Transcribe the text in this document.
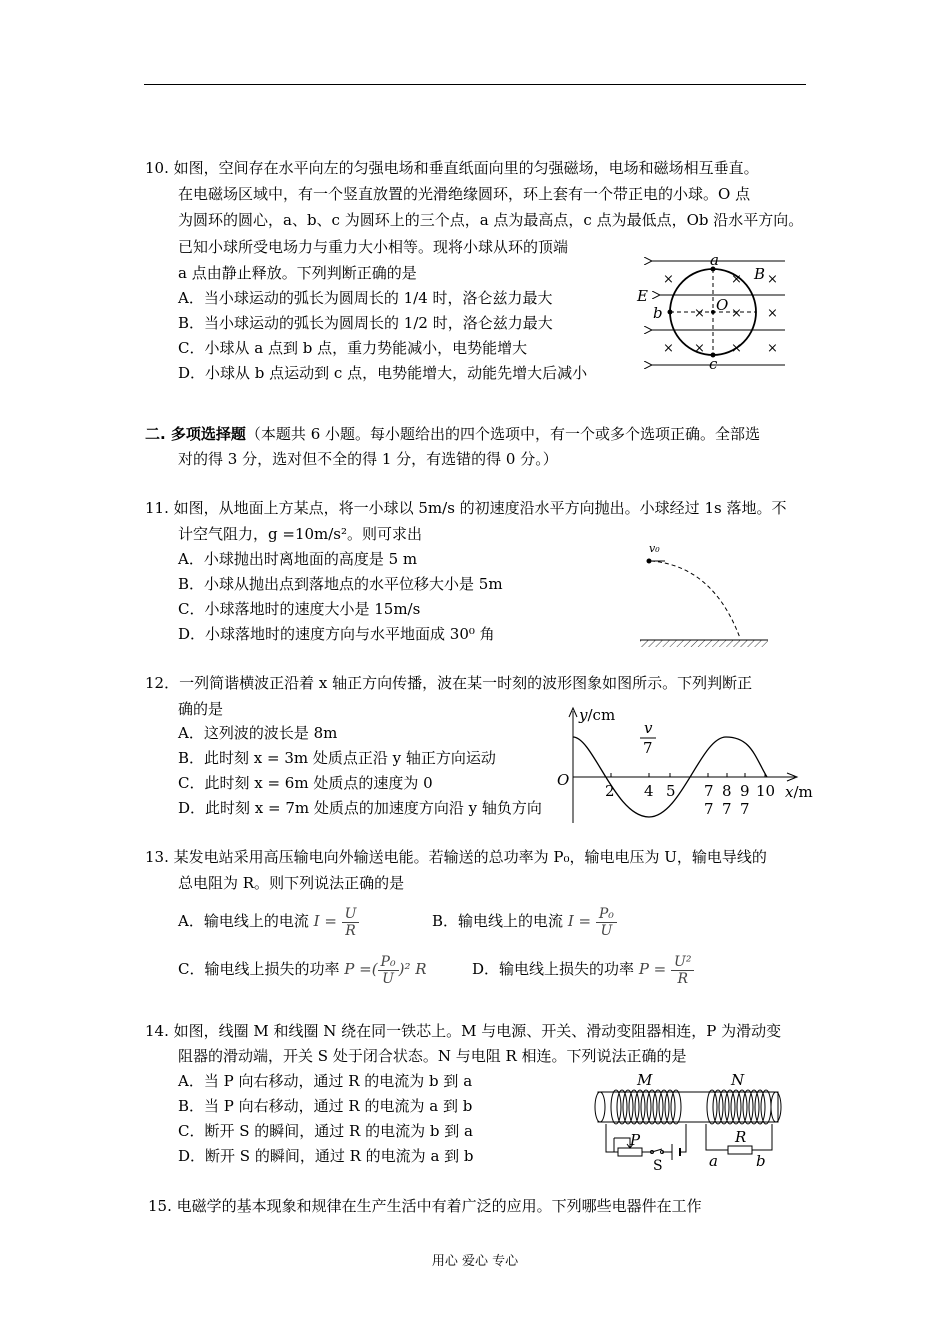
10. 如图，空间存在水平向左的匀强电场和垂直纸面向里的匀强磁场，电场和磁场相互垂直。
在电磁场区域中，有一个竖直放置的光滑绝缘圆环，环上套有一个带正电的小球。O 点
为圆环的圆心，a、b、c 为圆环上的三个点，a 点为最高点，c 点为最低点，Ob 沿水平方向。
已知小球所受电场力与重力大小相等。现将小球从环的顶端
a 点由静止释放。下列判断正确的是
A．当小球运动的弧长为圆周长的 1/4 时，洛仑兹力最大
B．当小球运动的弧长为圆周长的 1/2 时，洛仑兹力最大
C．小球从 a 点到 b 点，重力势能减小，电势能增大
D．小球从 b 点运动到 c 点，电势能增大，动能先增大后减小
×	× ×
× × ×
× × × ×
a
b
c
O
E
B
二. 多项选择题（本题共 6 小题。每小题给出的四个选项中，有一个或多个选项正确。全部选
对的得 3 分，选对但不全的得 1 分，有选错的得 0 分。）
11. 如图，从地面上方某点，将一小球以 5m/s 的初速度沿水平方向抛出。小球经过 1s 落地。不
计空气阻力，g =10m/s²。则可求出
A．小球抛出时离地面的高度是 5 m
B．小球从抛出点到落地点的水平位移大小是 5m
C．小球落地时的速度大小是 15m/s
D．小球落地时的速度方向与水平地面成 30⁰ 角
v₀
12．一列简谐横波正沿着 x 轴正方向传播，波在某一时刻的波形图象如图所示。下列判断正
确的是
A．这列波的波长是 8m
B．此时刻 x = 3m 处质点正沿 y 轴正方向运动
C．此时刻 x = 6m 处质点的速度为 0
D．此时刻 x = 7m 处质点的加速度方向沿 y 轴负方向
y/cm
x/m
y/cm
O
v
7
2 4 5 7 8 9 10
7 7 7
13. 某发电站采用高压输电向外输送电能。若输送的总功率为 P₀，输电电压为 U，输电导线的
总电阻为 R。则下列说法正确的是
A．输电线上的电流 $I = \frac{U}{R}$	B．输电线上的电流 $I = \frac{\text{P₀}}{U}$
C．输电线上损失的功率 P =( $\frac{\text{P₀}}{U} )^2$ R	D．输电线上损失的功率 $P = \frac{\text{U²}}{R}$
14. 如图，线圈 M 和线圈 N 绕在同一铁芯上。M 与电源、开关、滑动变阻器相连，P 为滑动变
阻器的滑动端，开关 S 处于闭合状态。N 与电阻 R 相连。下列说法正确的是
A．当 P 向右移动，通过 R 的电流为 b 到 a
B．当 P 向右移动，通过 R 的电流为 a 到 b
C．断开 S 的瞬间，通过 R 的电流为 b 到 a
D．断开 S 的瞬间，通过 R 的电流为 a 到 b
M	N
P	R
a	b
S
15. 电磁学的基本现象和规律在生产生活中有着广泛的应用。下列哪些电器件在工作
用心 爱心 专心
